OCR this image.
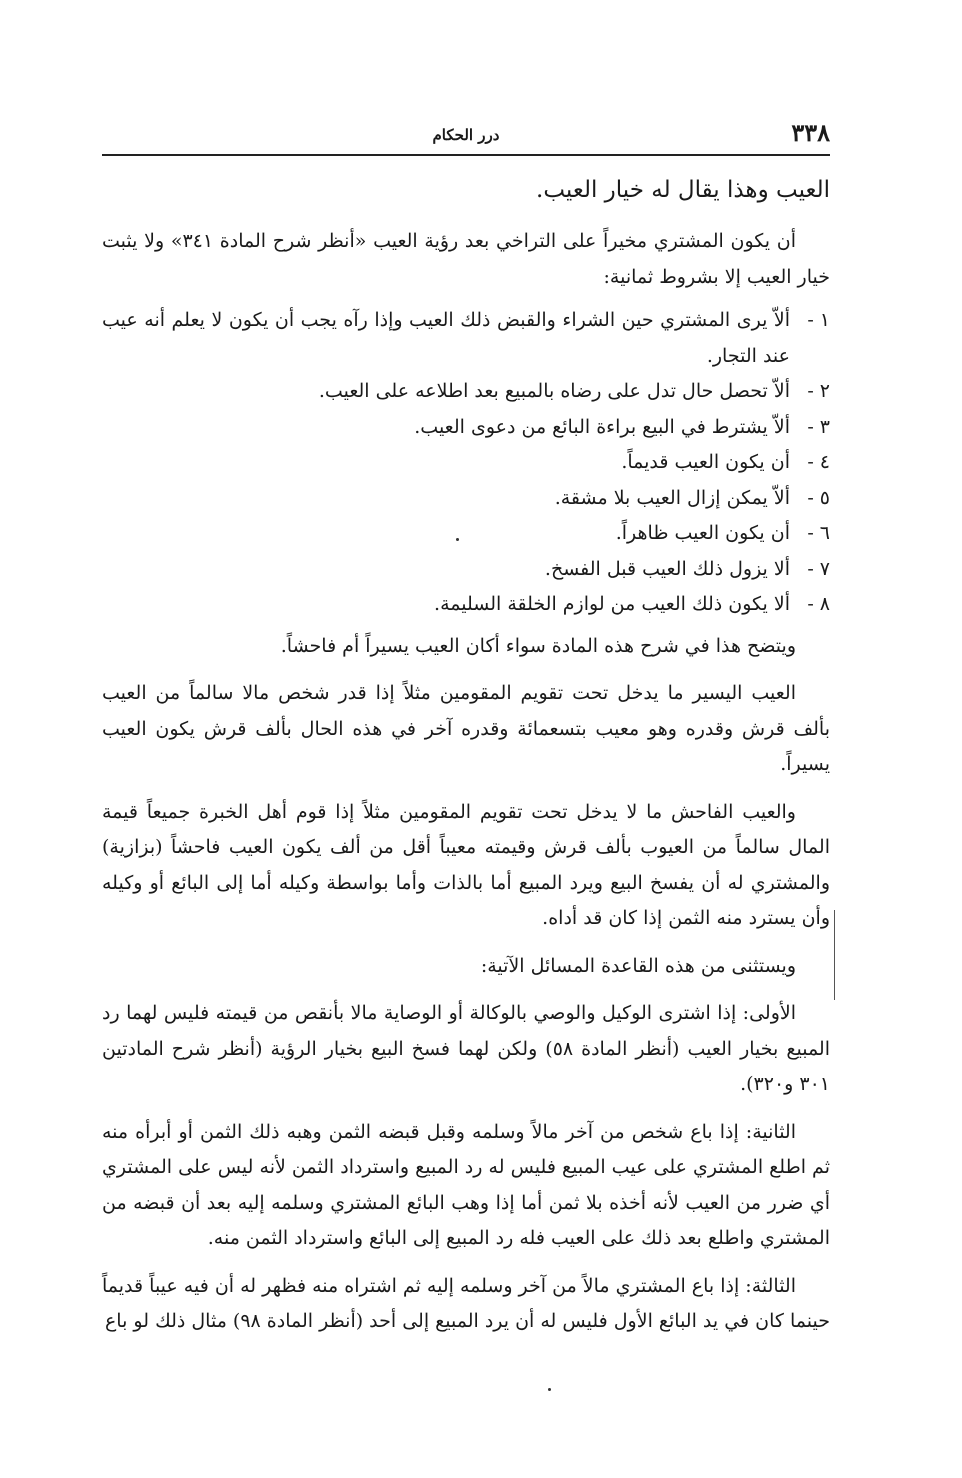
٣٣٨
درر الحكام

العيب وهذا يقال له خيار العيب.

أن يكون المشتري مخيراً على التراخي بعد رؤية العيب «أنظر شرح المادة ٣٤١» ولا يثبت خيار العيب إلا بشروط ثمانية:

١ -
ألاّ يرى المشتري حين الشراء والقبض ذلك العيب وإذا رآه يجب أن يكون لا يعلم أنه عيب عند التجار.
٢ -
ألاّ تحصل حال تدل على رضاه بالمبيع بعد اطلاعه على العيب.
٣ -
ألاّ يشترط في البيع براءة البائع من دعوى العيب.
٤ -
أن يكون العيب قديماً.
٥ -
ألاّ يمكن إزال العيب بلا مشقة.
٦ -
أن يكون العيب ظاهراً.
٧ -
ألا يزول ذلك العيب قبل الفسخ.
٨ -
ألا يكون ذلك العيب من لوازم الخلقة السليمة.

ويتضح هذا في شرح هذه المادة سواء أكان العيب يسيراً أم فاحشاً.

العيب اليسير ما يدخل تحت تقويم المقومين مثلاً إذا قدر شخص مالا سالماً من العيب بألف قرش وقدره وهو معيب بتسعمائة وقدره آخر في هذه الحال بألف قرش يكون العيب يسيراً.

والعيب الفاحش ما لا يدخل تحت تقويم المقومين مثلاً إذا قوم أهل الخبرة جميعاً قيمة المال سالماً من العيوب بألف قرش وقيمته معيباً أقل من ألف يكون العيب فاحشاً (بزازية) والمشتري له أن يفسخ البيع ويرد المبيع أما بالذات وأما بواسطة وكيله أما إلى البائع أو وكيله وأن يسترد منه الثمن إذا كان قد أداه.

ويستثنى من هذه القاعدة المسائل الآتية:

الأولى: إذا اشترى الوكيل والوصي بالوكالة أو الوصاية مالا بأنقص من قيمته فليس لهما رد المبيع بخيار العيب (أنظر المادة ٥٨) ولكن لهما فسخ البيع بخيار الرؤية (أنظر شرح المادتين ٣٠١ و٣٢٠).

الثانية: إذا باع شخص من آخر مالاً وسلمه وقبل قبضه الثمن وهبه ذلك الثمن أو أبرأه منه ثم اطلع المشتري على عيب المبيع فليس له رد المبيع واسترداد الثمن لأنه ليس على المشتري أي ضرر من العيب لأنه أخذه بلا ثمن أما إذا وهب البائع المشتري وسلمه إليه بعد أن قبضه من المشتري واطلع بعد ذلك على العيب فله رد المبيع إلى البائع واسترداد الثمن منه.

الثالثة: إذا باع المشتري مالاً من آخر وسلمه إليه ثم اشتراه منه فظهر له أن فيه عيباً قديماً حينما كان في يد البائع الأول فليس له أن يرد المبيع إلى أحد (أنظر المادة ٩٨) مثال ذلك لو باع
